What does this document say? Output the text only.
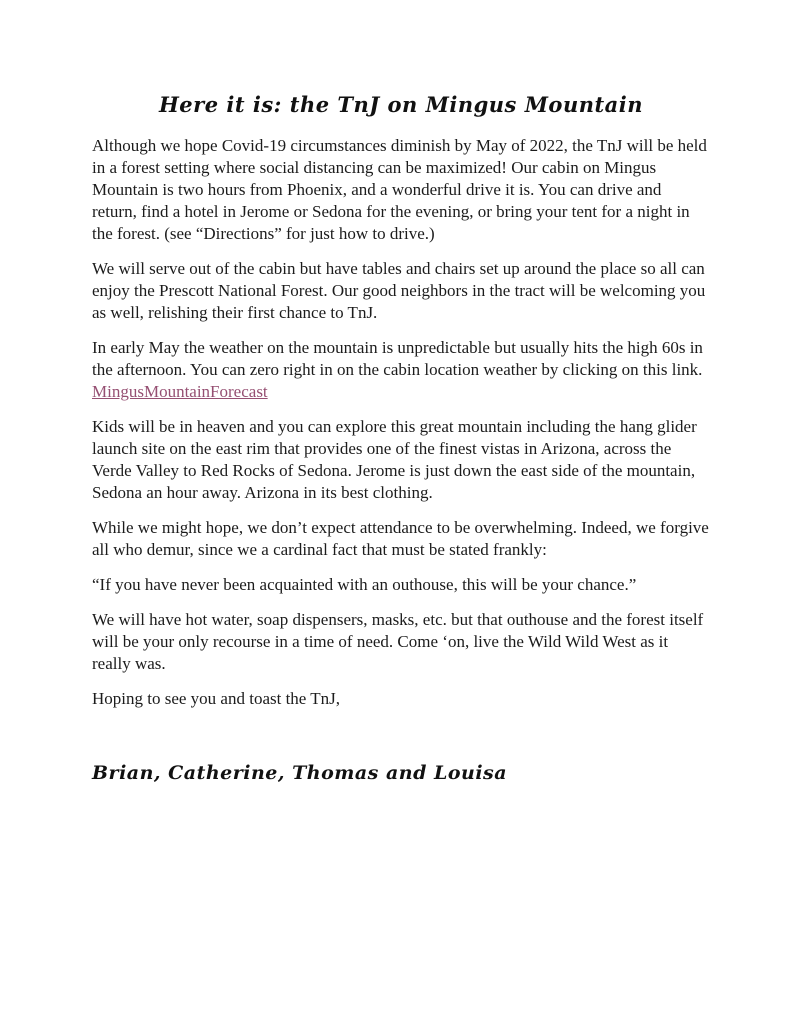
Here it is: the TnJ on Mingus Mountain

Although we hope Covid-19 circumstances diminish by May of 2022, the TnJ will be held in a forest setting where social distancing can be maximized! Our cabin on Mingus Mountain is two hours from Phoenix, and a wonderful drive it is. You can drive and return, find a hotel in Jerome or Sedona for the evening, or bring your tent for a night in the forest. (see “Directions” for just how to drive.)

We will serve out of the cabin but have tables and chairs set up around the place so all can enjoy the Prescott National Forest. Our good neighbors in the tract will be welcoming you as well, relishing their first chance to TnJ.

In early May the weather on the mountain is unpredictable but usually hits the high 60s in the afternoon. You can zero right in on the cabin location weather by clicking on this link. MingusMountainForecast

Kids will be in heaven and you can explore this great mountain including the hang glider launch site on the east rim that provides one of the finest vistas in Arizona, across the Verde Valley to Red Rocks of Sedona. Jerome is just down the east side of the mountain, Sedona an hour away. Arizona in its best clothing.

While we might hope, we don’t expect attendance to be overwhelming. Indeed, we forgive all who demur, since we a cardinal fact that must be stated frankly:

“If you have never been acquainted with an outhouse, this will be your chance.”

We will have hot water, soap dispensers, masks, etc. but that outhouse and the forest itself will be your only recourse in a time of need. Come ‘on, live the Wild Wild West as it really was.

Hoping to see you and toast the TnJ,

Brian, Catherine, Thomas and Louisa
